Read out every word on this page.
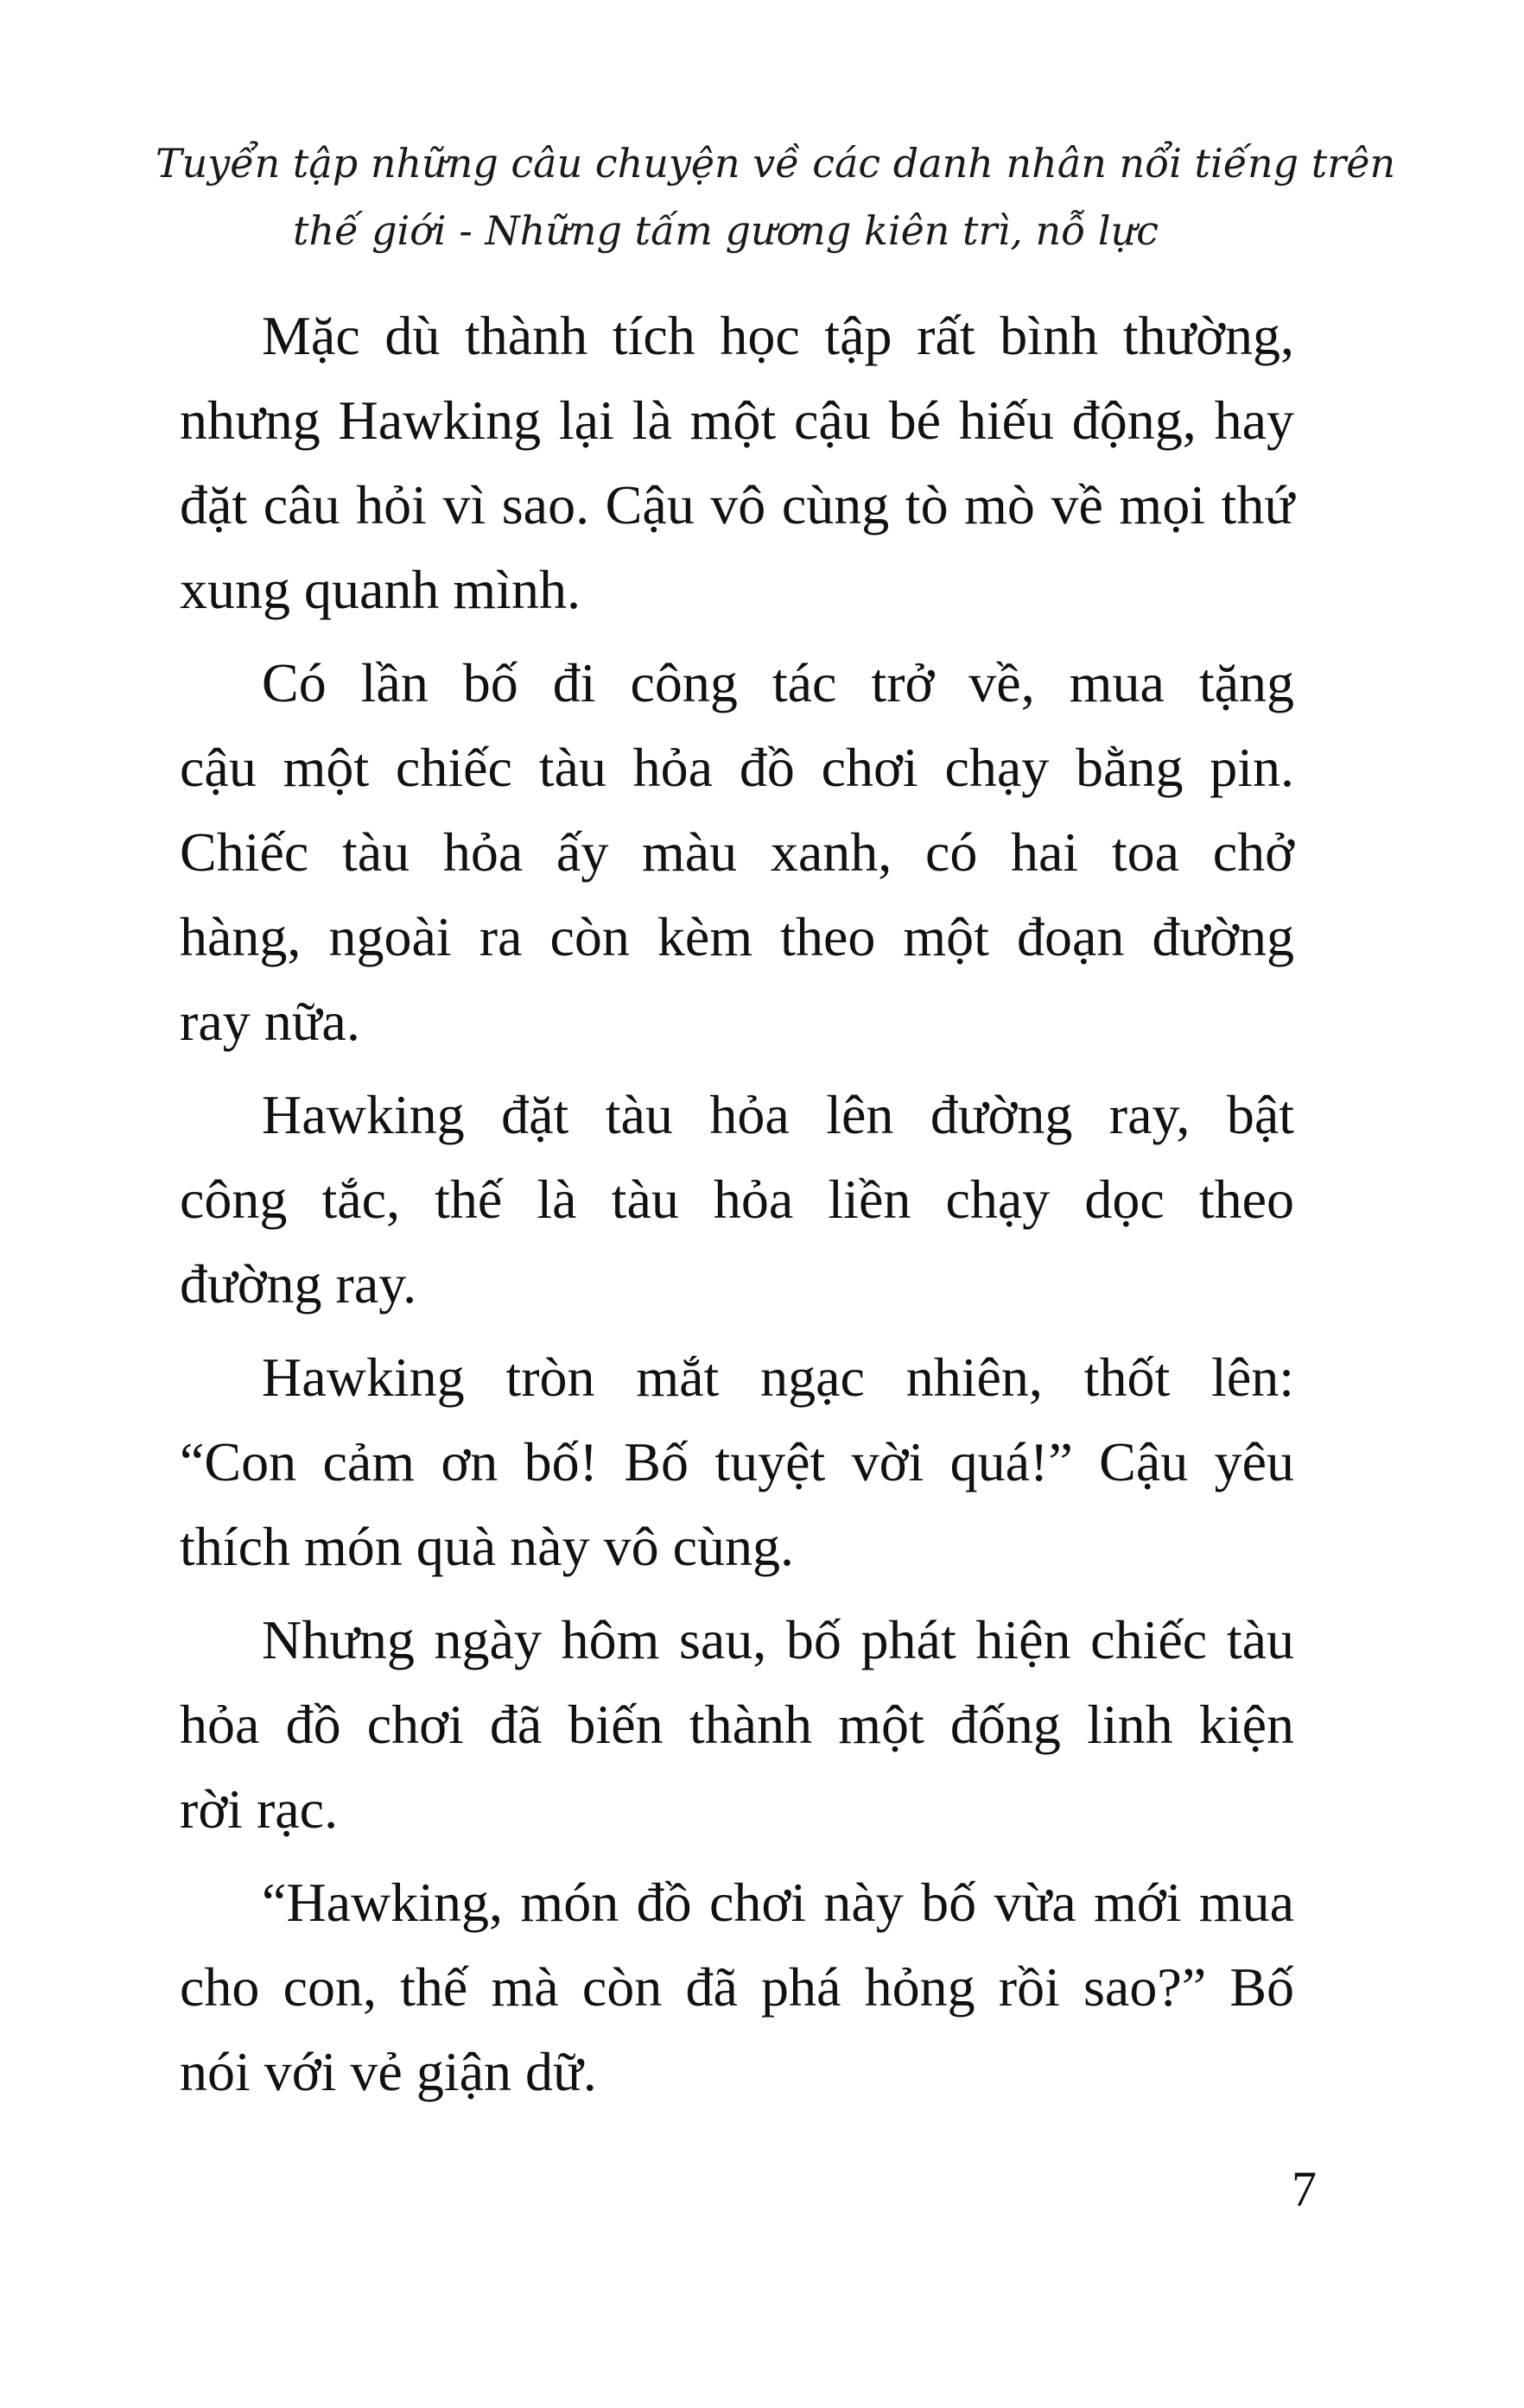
Tuyển tập những câu chuyện về các danh nhân nổi tiếng trên
thế giới - Những tấm gương kiên trì, nỗ lực
Mặc dù thành tích học tập rất bình thường,
nhưng Hawking lại là một cậu bé hiếu động, hay
đặt câu hỏi vì sao. Cậu vô cùng tò mò về mọi thứ
xung quanh mình.
Có lần bố đi công tác trở về, mua tặng
cậu một chiếc tàu hỏa đồ chơi chạy bằng pin.
Chiếc tàu hỏa ấy màu xanh, có hai toa chở
hàng, ngoài ra còn kèm theo một đoạn đường
ray nữa.
Hawking đặt tàu hỏa lên đường ray, bật
công tắc, thế là tàu hỏa liền chạy dọc theo
đường ray.
Hawking tròn mắt ngạc nhiên, thốt lên:
“Con cảm ơn bố! Bố tuyệt vời quá!” Cậu yêu
thích món quà này vô cùng.
Nhưng ngày hôm sau, bố phát hiện chiếc tàu
hỏa đồ chơi đã biến thành một đống linh kiện
rời rạc.
“Hawking, món đồ chơi này bố vừa mới mua
cho con, thế mà còn đã phá hỏng rồi sao?” Bố
nói với vẻ giận dữ.
7
